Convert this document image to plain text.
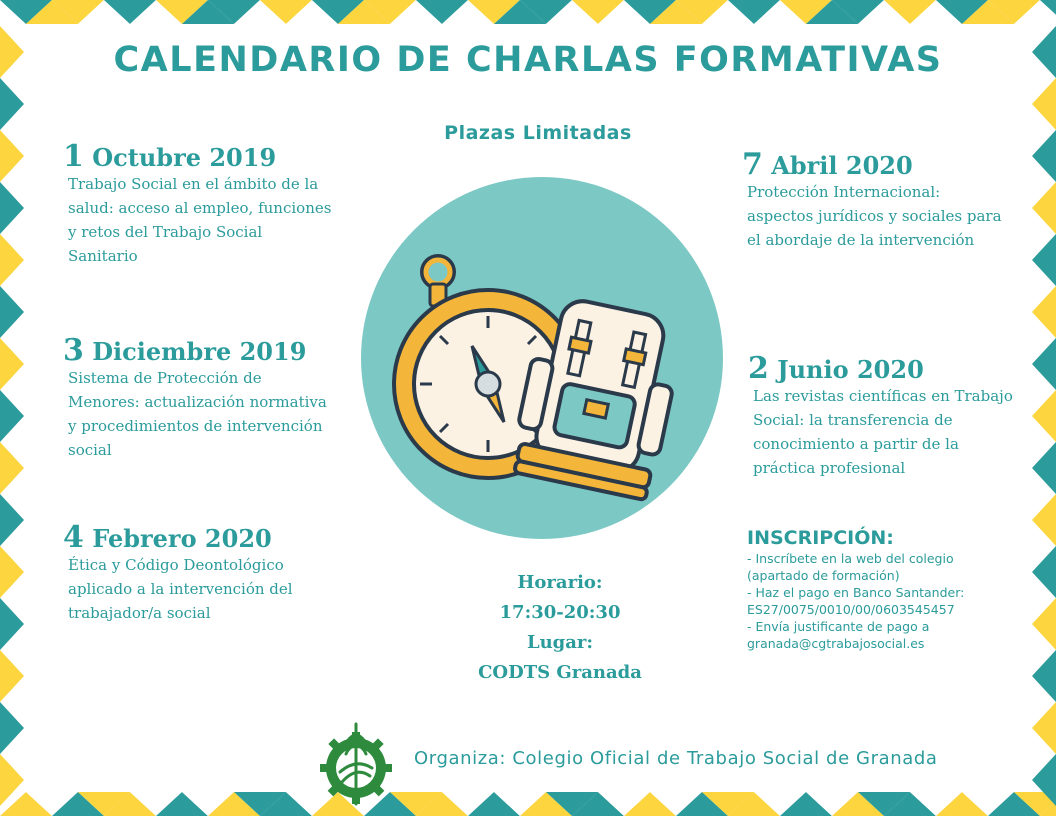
CALENDARIO DE CHARLAS FORMATIVAS
Plazas Limitadas
1 Octubre 2019
Trabajo Social en el ámbito de la
salud: acceso al empleo, funciones
y retos del Trabajo Social
Sanitario
3 Diciembre 2019
Sistema de Protección de
Menores: actualización normativa
y procedimientos de intervención
social
4 Febrero 2020
Ética y Código Deontológico
aplicado a la intervención del
trabajador/a social
7 Abril 2020
Protección Internacional:
aspectos jurídicos y sociales para
el abordaje de la intervención
2 Junio 2020
Las revistas científicas en Trabajo
Social: la transferencia de
conocimiento a partir de la
práctica profesional
Horario:
17:30-20:30
Lugar:
CODTS Granada
INSCRIPCIÓN:
- Inscríbete en la web del colegio
(apartado de formación)
- Haz el pago en Banco Santander:
ES27/0075/0010/00/0603545457
- Envía justificante de pago a
granada@cgtrabajosocial.es
Organiza: Colegio Oficial de Trabajo Social de Granada
